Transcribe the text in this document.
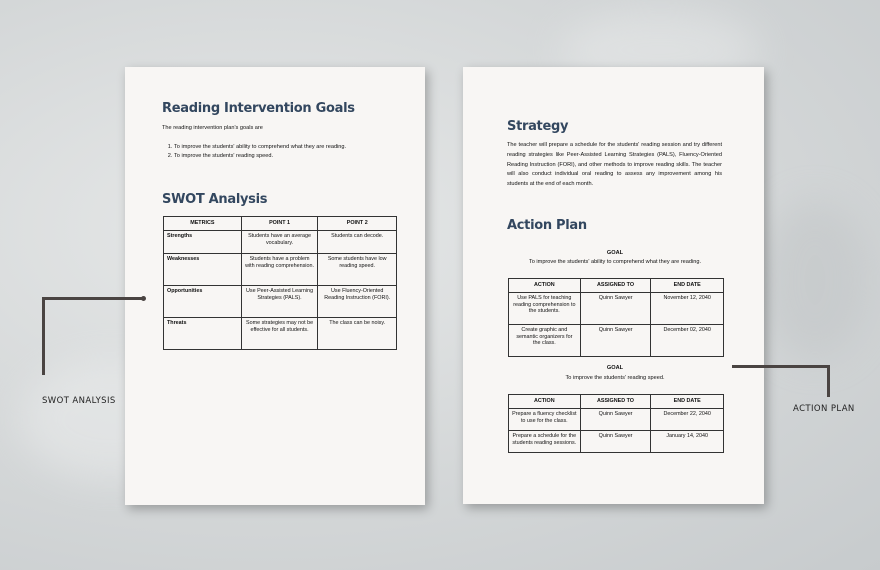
Reading Intervention Goals

The reading intervention plan's goals are

1. To improve the students' ability to comprehend what they are reading.
2. To improve the students' reading speed.
SWOT Analysis
METRICS	POINT 1	POINT 2
Strengths	Students have an average vocabulary.	Students can decode.
Weaknesses	Students have a problem with reading comprehension.	Some students have low reading speed.
Opportunities	Use Peer-Assisted Learning Strategies (PALS).	Use Fluency-Oriented Reading Instruction (FORI).
Threats	Some strategies may not be effective for all students.	The class can be noisy.
Strategy

The teacher will prepare a schedule for the students' reading session and try different reading strategies like Peer-Assisted Learning Strategies (PALS), Fluency-Oriented Reading Instruction (FORI), and other methods to improve reading skills. The teacher will also conduct individual oral reading to assess any improvement among his students at the end of each month.

Action Plan
GOAL
To improve the students' ability to comprehend what they are reading.
ACTION	ASSIGNED TO	END DATE
Use PALS for teaching reading comprehension to the students.	Quinn Sawyer	November 12, 2040
Create graphic and semantic organizers for the class.	Quinn Sawyer	December 02, 2040
GOAL
To improve the students' reading speed.
ACTION	ASSIGNED TO	END DATE
Prepare a fluency checklist to use for the class.	Quinn Sawyer	December 22, 2040
Prepare a schedule for the students reading sessions.	Quinn Sawyer	January 14, 2040
SWOT ANALYSIS
ACTION PLAN
